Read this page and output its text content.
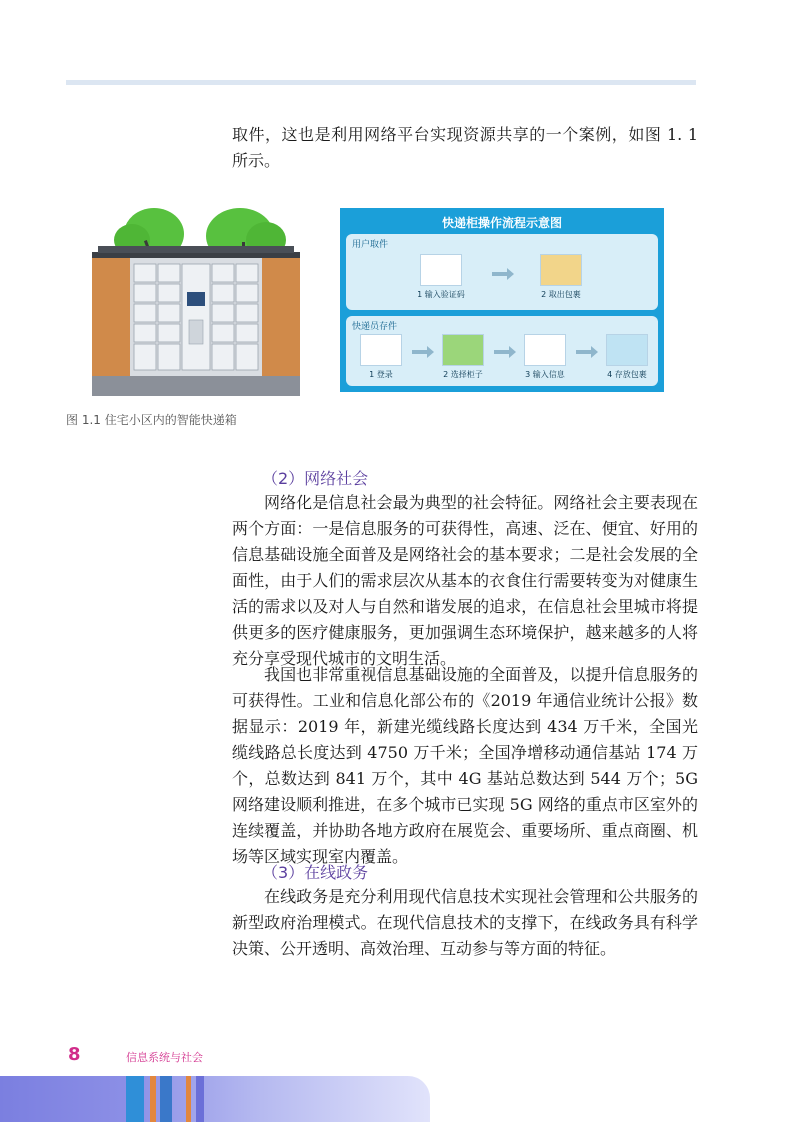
取件，这也是利用网络平台实现资源共享的一个案例，如图 1. 1 所示。

快递柜操作流程示意图
用户取件
1 输入验证码	2 取出包裹
快递员存件
1 登录	2 选择柜子	3 输入信息	4 存放包裹
图 1.1 住宅小区内的智能快递箱
（2）网络社会

网络化是信息社会最为典型的社会特征。网络社会主要表现在两个方面：一是信息服务的可获得性，高速、泛在、便宜、好用的信息基础设施全面普及是网络社会的基本要求；二是社会发展的全面性，由于人们的需求层次从基本的衣食住行需要转变为对健康生活的需求以及对人与自然和谐发展的追求，在信息社会里城市将提供更多的医疗健康服务，更加强调生态环境保护，越来越多的人将充分享受现代城市的文明生活。

我国也非常重视信息基础设施的全面普及，以提升信息服务的可获得性。工业和信息化部公布的《2019 年通信业统计公报》数据显示：2019 年，新建光缆线路长度达到 434 万千米，全国光缆线路总长度达到 4750 万千米；全国净增移动通信基站 174 万个，总数达到 841 万个，其中 4G 基站总数达到 544 万个；5G 网络建设顺利推进，在多个城市已实现 5G 网络的重点市区室外的连续覆盖，并协助各地方政府在展览会、重要场所、重点商圈、机场等区域实现室内覆盖。

（3）在线政务

在线政务是充分利用现代信息技术实现社会管理和公共服务的新型政府治理模式。在现代信息技术的支撑下，在线政务具有科学决策、公开透明、高效治理、互动参与等方面的特征。

8	信息系统与社会
